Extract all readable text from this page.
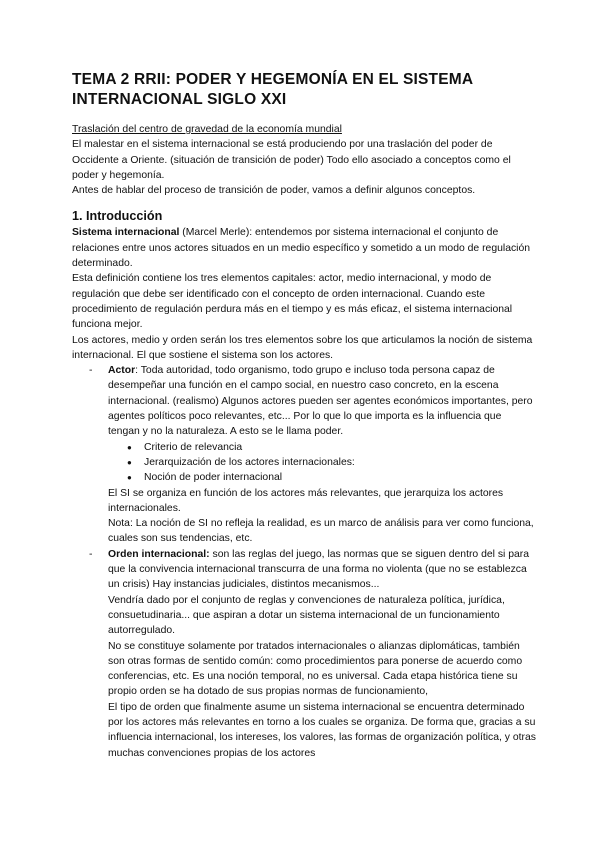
TEMA 2 RRII: PODER Y HEGEMONÍA EN EL SISTEMA INTERNACIONAL SIGLO XXI

Traslación del centro de gravedad de la economía mundial

El malestar en el sistema internacional se está produciendo por una traslación del poder de Occidente a Oriente. (situación de transición de poder) Todo ello asociado a conceptos como el poder y hegemonía.

Antes de hablar del proceso de transición de poder, vamos a definir algunos conceptos.

1. Introducción

Sistema internacional (Marcel Merle): entendemos por sistema internacional el conjunto de relaciones entre unos actores situados en un medio específico y sometido a un modo de regulación determinado.

Esta definición contiene los tres elementos capitales: actor, medio internacional, y modo de regulación que debe ser identificado con el concepto de orden internacional. Cuando este procedimiento de regulación perdura más en el tiempo y es más eficaz, el sistema internacional funciona mejor.

Los actores, medio y orden serán los tres elementos sobre los que articulamos la noción de sistema internacional. El que sostiene el sistema son los actores.

- Actor: Toda autoridad, todo organismo, todo grupo e incluso toda persona capaz de desempeñar una función en el campo social, en nuestro caso concreto, en la escena internacional. (realismo) Algunos actores pueden ser agentes económicos importantes, pero agentes políticos poco relevantes, etc... Por lo que lo que importa es la influencia que tengan y no la naturaleza. A esto se le llama poder.
● Criterio de relevancia
● Jerarquización de los actores internacionales:
● Noción de poder internacional
El SI se organiza en función de los actores más relevantes, que jerarquiza los actores internacionales.
Nota: La noción de SI no refleja la realidad, es un marco de análisis para ver como funciona, cuales son sus tendencias, etc.
- Orden internacional: son las reglas del juego, las normas que se siguen dentro del si para que la convivencia internacional transcurra de una forma no violenta (que no se establezca un crisis) Hay instancias judiciales, distintos mecanismos...
Vendría dado por el conjunto de reglas y convenciones de naturaleza política, jurídica, consuetudinaria... que aspiran a dotar un sistema internacional de un funcionamiento autorregulado.
No se constituye solamente por tratados internacionales o alianzas diplomáticas, también son otras formas de sentido común: como procedimientos para ponerse de acuerdo como conferencias, etc. Es una noción temporal, no es universal. Cada etapa histórica tiene su propio orden se ha dotado de sus propias normas de funcionamiento,
El tipo de orden que finalmente asume un sistema internacional se encuentra determinado por los actores más relevantes en torno a los cuales se organiza. De forma que, gracias a su influencia internacional, los intereses, los valores, las formas de organización política, y otras muchas convenciones propias de los actores
